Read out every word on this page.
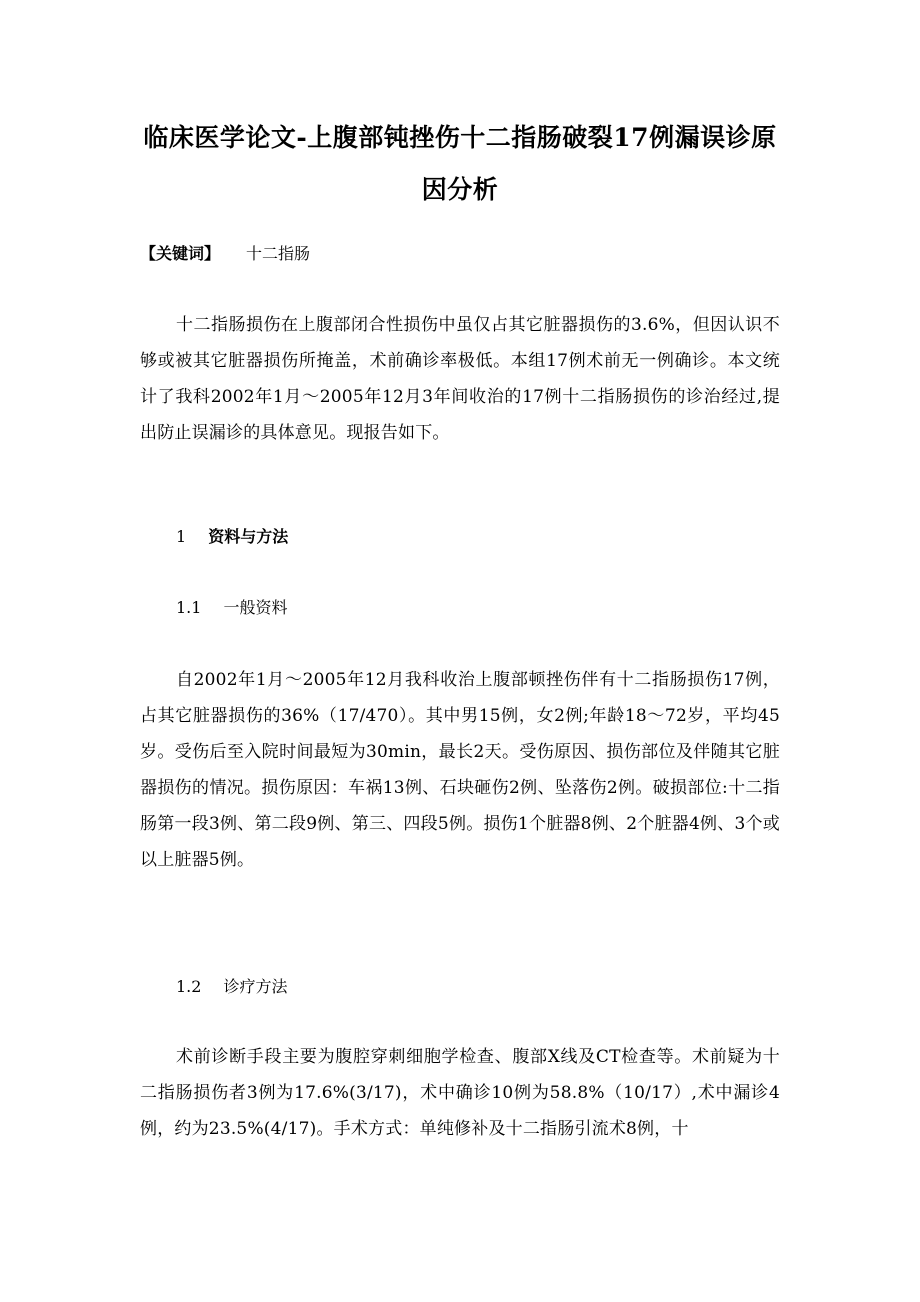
临床医学论文-上腹部钝挫伤十二指肠破裂17例漏误诊原
因分析
【关键词】 十二指肠

十二指肠损伤在上腹部闭合性损伤中虽仅占其它脏器损伤的3.6%，但因认识不够或被其它脏器损伤所掩盖，术前确诊率极低。本组17例术前无一例确诊。本文统计了我科2002年1月～2005年12月3年间收治的17例十二指肠损伤的诊治经过,提出防止误漏诊的具体意见。现报告如下。

1 资料与方法
1.1 一般资料

自2002年1月～2005年12月我科收治上腹部顿挫伤伴有十二指肠损伤17例，占其它脏器损伤的36%（17/470）。其中男15例，女2例;年龄18～72岁，平均45岁。受伤后至入院时间最短为30min，最长2天。受伤原因、损伤部位及伴随其它脏器损伤的情况。损伤原因：车祸13例、石块砸伤2例、坠落伤2例。破损部位:十二指肠第一段3例、第二段9例、第三、四段5例。损伤1个脏器8例、2个脏器4例、3个或以上脏器5例。

1.2 诊疗方法

术前诊断手段主要为腹腔穿刺细胞学检查、腹部X线及CT检查等。术前疑为十二指肠损伤者3例为17.6%(3/17)，术中确诊10例为58.8%（10/17）,术中漏诊4例，约为23.5%(4/17)。手术方式：单纯修补及十二指肠引流术8例，十
